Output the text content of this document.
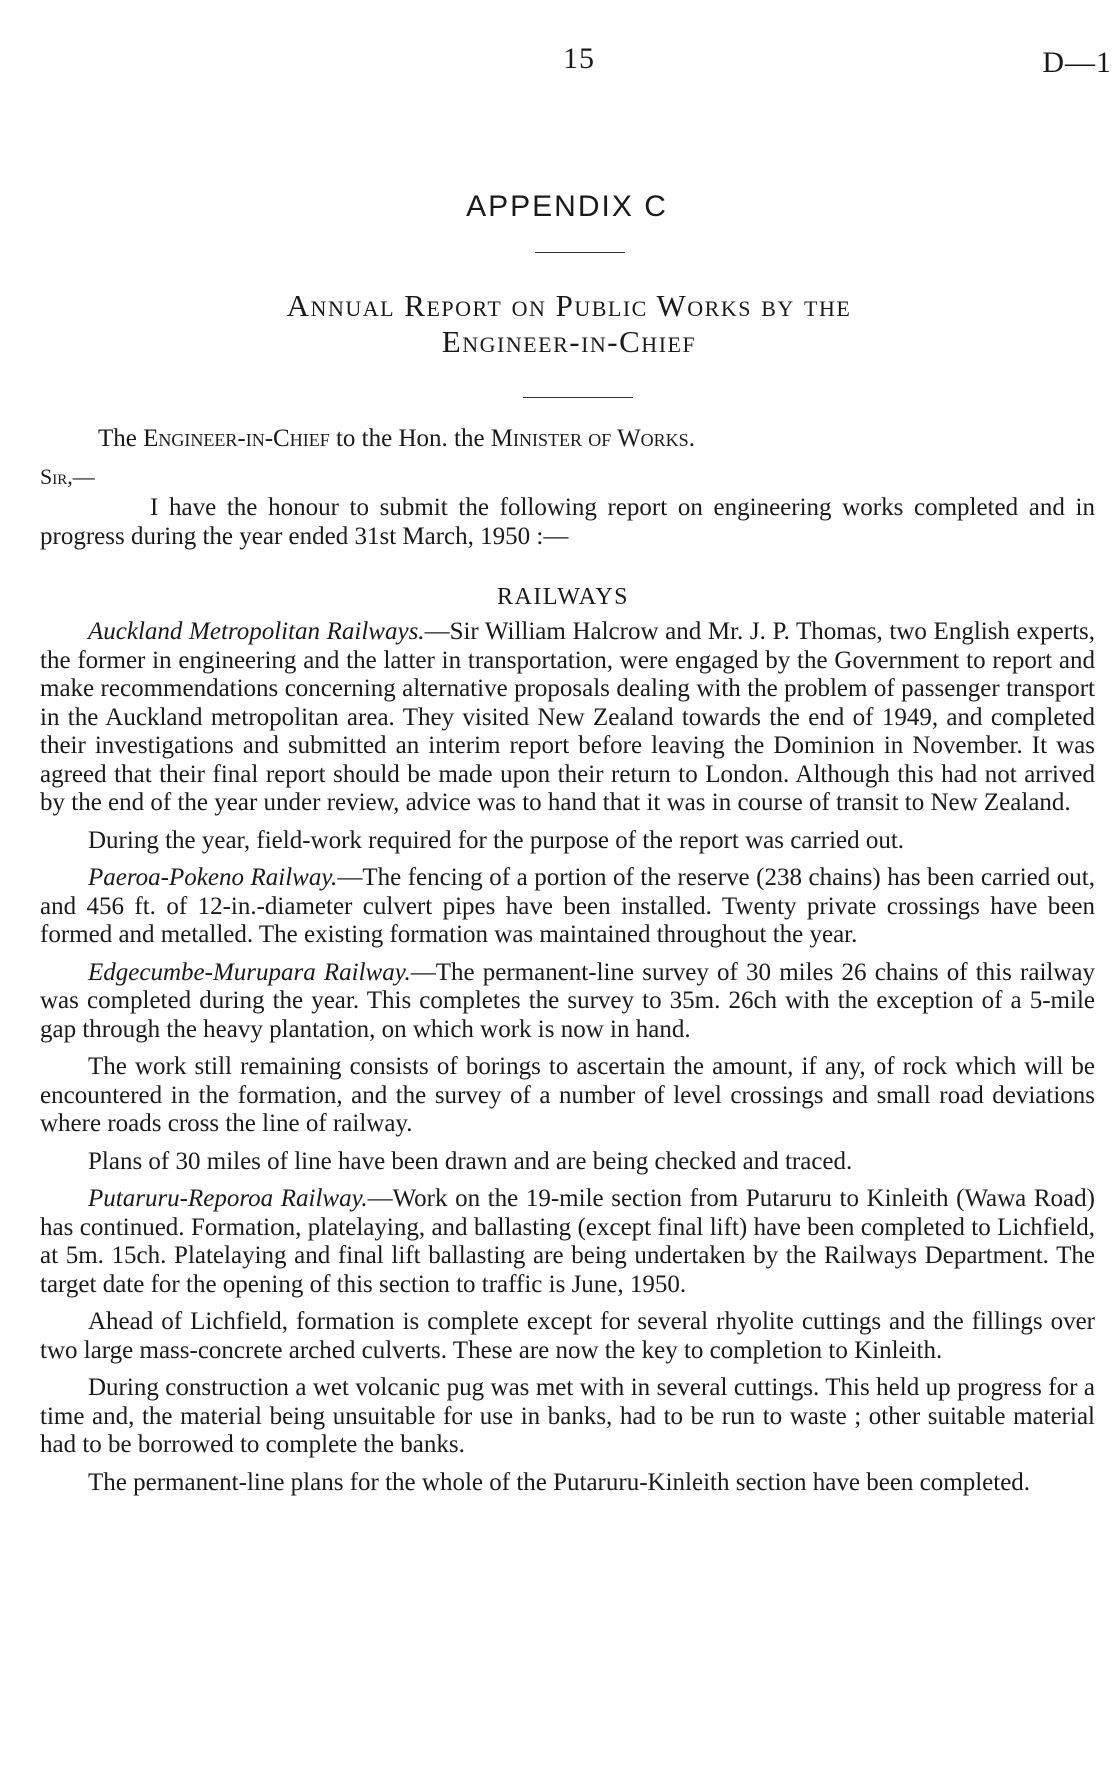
15	D—1
APPENDIX C
Annual Report on Public Works by the
Engineer-in-Chief
The Engineer-in-Chief to the Hon. the Minister of Works.
Sir,—

I have the honour to submit the following report on engineering works completed and in progress during the year ended 31st March, 1950 :—

RAILWAYS

Auckland Metropolitan Railways.—Sir William Halcrow and Mr. J. P. Thomas, two English experts, the former in engineering and the latter in transportation, were engaged by the Government to report and make recommendations concerning alternative proposals dealing with the problem of passenger transport in the Auckland metropolitan area. They visited New Zealand towards the end of 1949, and completed their investigations and submitted an interim report before leaving the Dominion in November. It was agreed that their final report should be made upon their return to London. Although this had not arrived by the end of the year under review, advice was to hand that it was in course of transit to New Zealand.

During the year, field-work required for the purpose of the report was carried out.

Paeroa-Pokeno Railway.—The fencing of a portion of the reserve (238 chains) has been carried out, and 456 ft. of 12-in.-diameter culvert pipes have been installed. Twenty private crossings have been formed and metalled. The existing formation was maintained throughout the year.

Edgecumbe-Murupara Railway.—The permanent-line survey of 30 miles 26 chains of this railway was completed during the year. This completes the survey to 35m. 26ch with the exception of a 5-mile gap through the heavy plantation, on which work is now in hand.

The work still remaining consists of borings to ascertain the amount, if any, of rock which will be encountered in the formation, and the survey of a number of level crossings and small road deviations where roads cross the line of railway.

Plans of 30 miles of line have been drawn and are being checked and traced.

Putaruru-Reporoa Railway.—Work on the 19-mile section from Putaruru to Kinleith (Wawa Road) has continued. Formation, platelaying, and ballasting (except final lift) have been completed to Lichfield, at 5m. 15ch. Platelaying and final lift ballasting are being undertaken by the Railways Department. The target date for the opening of this section to traffic is June, 1950.

Ahead of Lichfield, formation is complete except for several rhyolite cuttings and the fillings over two large mass-concrete arched culverts. These are now the key to completion to Kinleith.

During construction a wet volcanic pug was met with in several cuttings. This held up progress for a time and, the material being unsuitable for use in banks, had to be run to waste ; other suitable material had to be borrowed to complete the banks.

The permanent-line plans for the whole of the Putaruru-Kinleith section have been completed.
